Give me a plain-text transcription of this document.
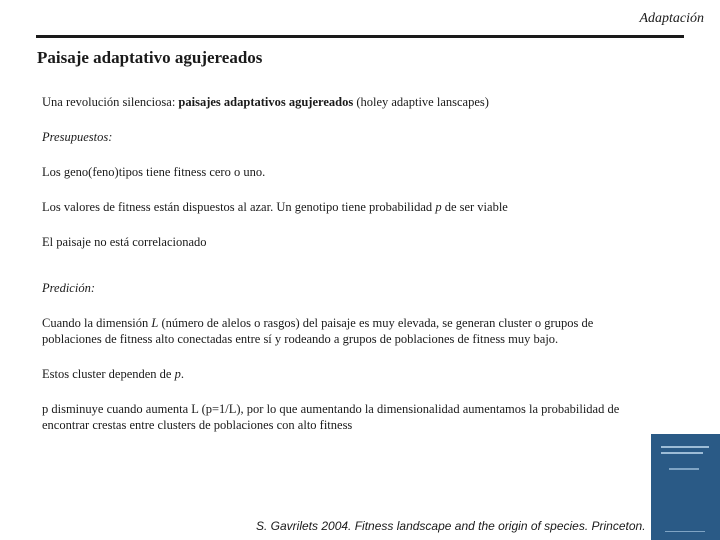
Adaptación
Paisaje adaptativo agujereados

Una revolución silenciosa: paisajes adaptativos agujereados (holey adaptive lanscapes)

Presupuestos:

Los geno(feno)tipos tiene fitness cero o uno.

Los valores de fitness están dispuestos al azar. Un genotipo tiene probabilidad p de ser viable

El paisaje no está correlacionado

Predición:

Cuando la dimensión L (número de alelos o rasgos) del paisaje es muy elevada, se generan cluster o grupos de poblaciones de fitness alto conectadas entre sí y rodeando a grupos de poblaciones de fitness muy bajo.

Estos cluster dependen de p.

p disminuye cuando aumenta L (p=1/L), por lo que aumentando la dimensionalidad aumentamos la probabilidad de encontrar crestas entre clusters de poblaciones con alto fitness

S. Gavrilets 2004. Fitness landscape and the origin of species. Princeton.
